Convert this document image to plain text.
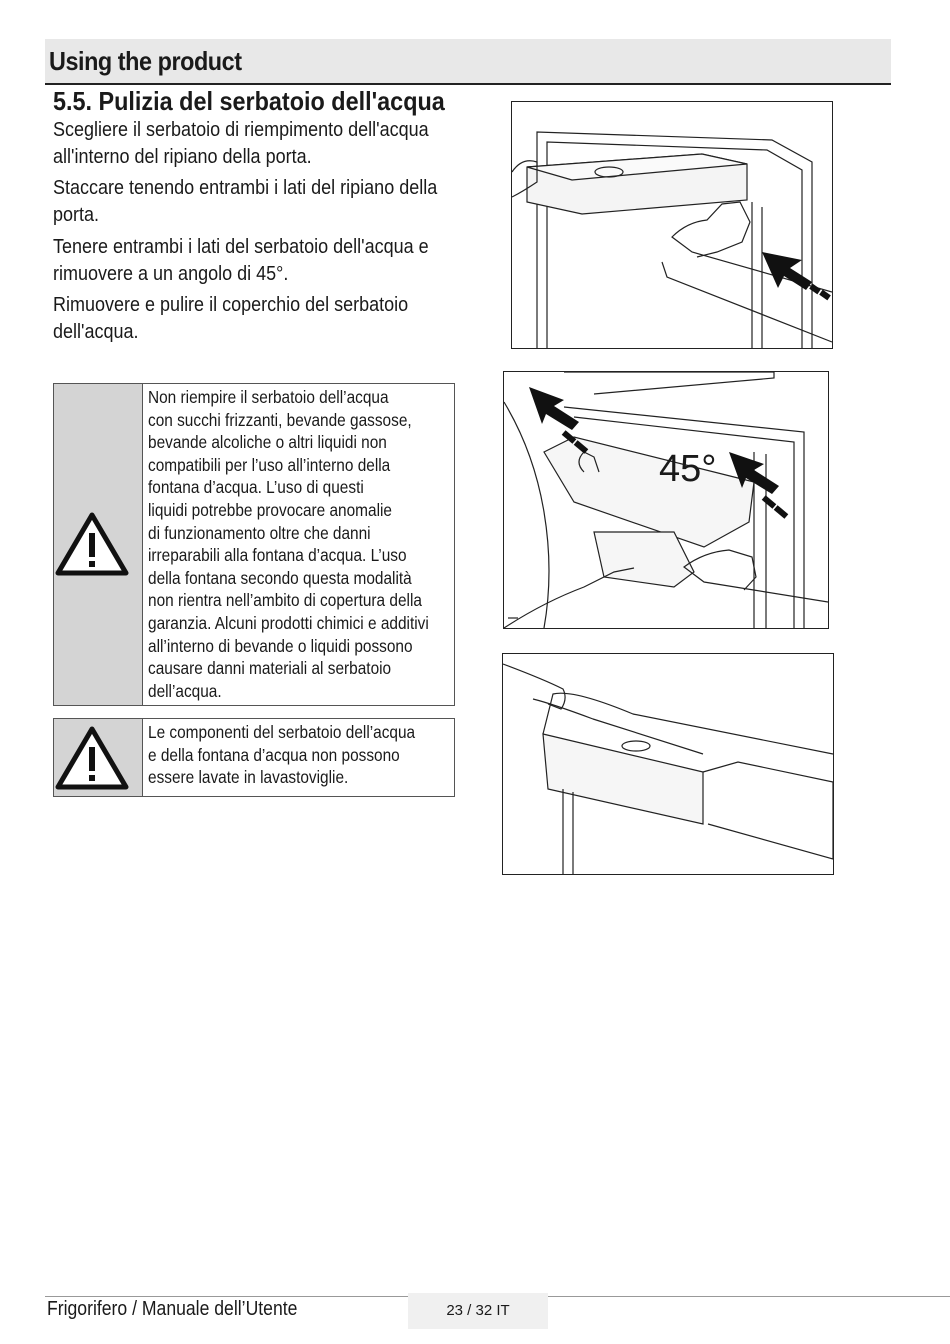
Using the product
5.5. Pulizia del serbatoio dell'acqua

Scegliere il serbatoio di riempimento dell'acqua all'interno del ripiano della porta.

Staccare tenendo entrambi i lati del ripiano della porta.

Tenere entrambi i lati del serbatoio dell'acqua e rimuovere a un angolo di 45°.

Rimuovere e pulire il coperchio del serbatoio dell'acqua.

Non riempire il serbatoio dell’acqua
con succhi frizzanti, bevande gassose,
bevande alcoliche o altri liquidi non
compatibili per l’uso all’interno della
fontana d’acqua. L’uso di questi
liquidi potrebbe provocare anomalie
di funzionamento oltre che danni
irreparabili alla fontana d’acqua. L’uso
della fontana secondo questa modalità
non rientra nell’ambito di copertura della
garanzia. Alcuni prodotti chimici e additivi
all’interno di bevande o liquidi possono
causare danni materiali al serbatoio
dell’acqua.
Le componenti del serbatoio dell’acqua
e della fontana d’acqua non possono
essere lavate in lavastoviglie.
45°
Frigorifero / Manuale dell’Utente	23 / 32 IT
